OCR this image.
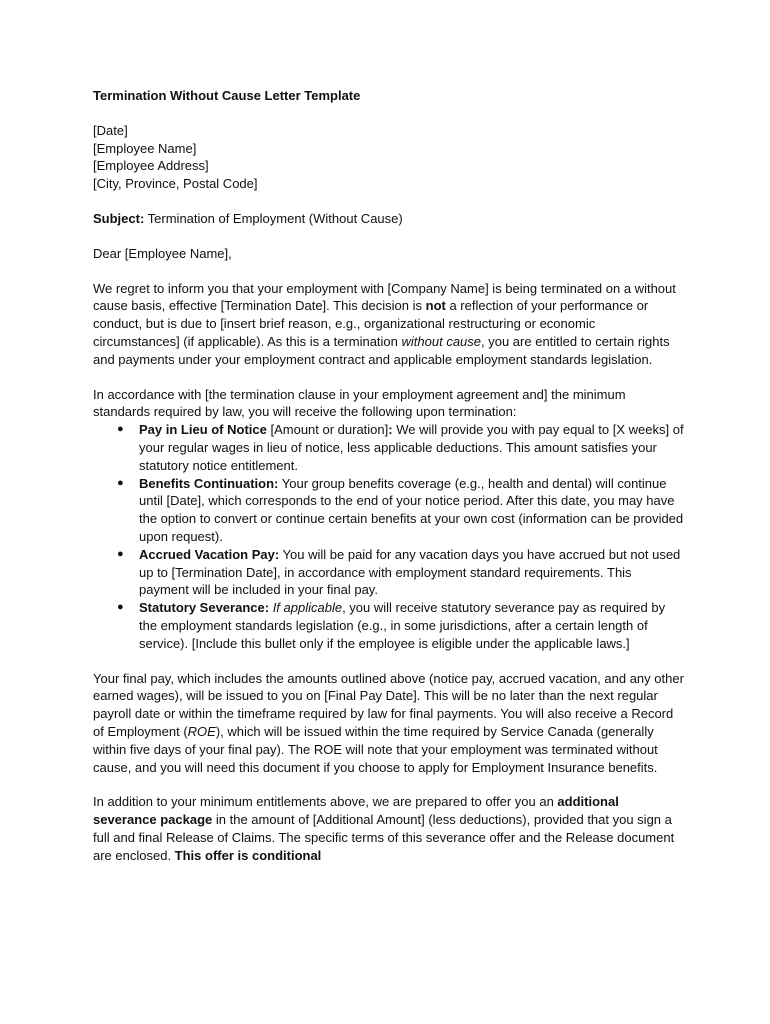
Termination Without Cause Letter Template
[Date]
[Employee Name]
[Employee Address]
[City, Province, Postal Code]

Subject: Termination of Employment (Without Cause)

Dear [Employee Name],

We regret to inform you that your employment with [Company Name] is being terminated on a without cause basis, effective [Termination Date]. This decision is not a reflection of your performance or conduct, but is due to [insert brief reason, e.g., organizational restructuring or economic circumstances] (if applicable). As this is a termination without cause, you are entitled to certain rights and payments under your employment contract and applicable employment standards legislation.

In accordance with [the termination clause in your employment agreement and] the minimum standards required by law, you will receive the following upon termination:

● Pay in Lieu of Notice [Amount or duration]: We will provide you with pay equal to [X weeks] of your regular wages in lieu of notice, less applicable deductions. This amount satisfies your statutory notice entitlement.
● Benefits Continuation: Your group benefits coverage (e.g., health and dental) will continue until [Date], which corresponds to the end of your notice period. After this date, you may have the option to convert or continue certain benefits at your own cost (information can be provided upon request).
● Accrued Vacation Pay: You will be paid for any vacation days you have accrued but not used up to [Termination Date], in accordance with employment standard requirements. This payment will be included in your final pay.
● Statutory Severance: If applicable, you will receive statutory severance pay as required by the employment standards legislation (e.g., in some jurisdictions, after a certain length of service). [Include this bullet only if the employee is eligible under the applicable laws.]

Your final pay, which includes the amounts outlined above (notice pay, accrued vacation, and any other earned wages), will be issued to you on [Final Pay Date]. This will be no later than the next regular payroll date or within the timeframe required by law for final payments. You will also receive a Record of Employment (ROE), which will be issued within the time required by Service Canada (generally within five days of your final pay). The ROE will note that your employment was terminated without cause, and you will need this document if you choose to apply for Employment Insurance benefits.

In addition to your minimum entitlements above, we are prepared to offer you an additional severance package in the amount of [Additional Amount] (less deductions), provided that you sign a full and final Release of Claims. The specific terms of this severance offer and the Release document are enclosed. This offer is conditional
